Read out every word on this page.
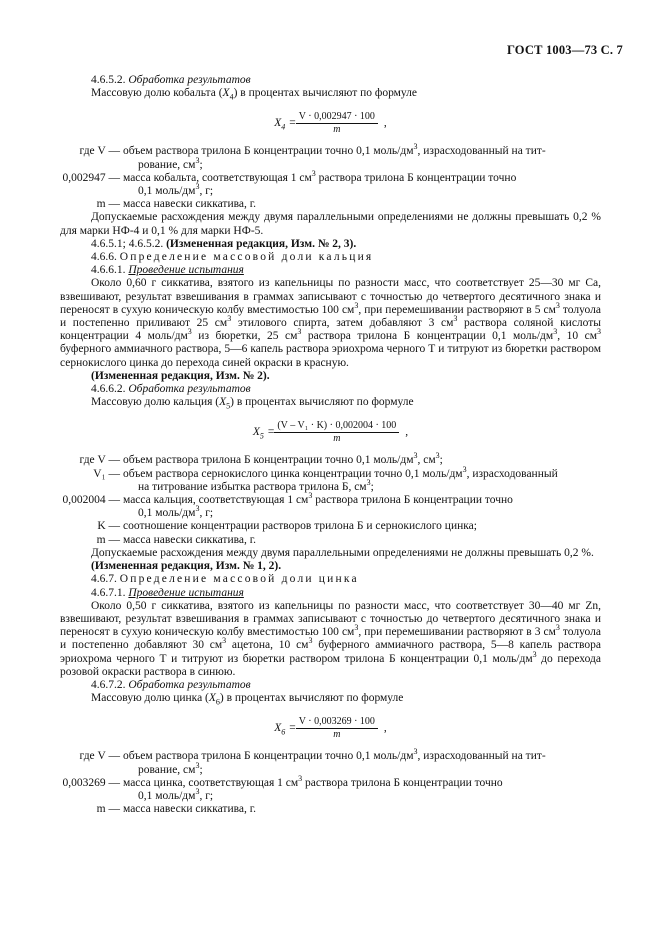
ГОСТ 1003—73 С. 7

4.6.5.2. Обработка результатов

Массовую долю кобальта $(X_4)$ в процентах вычисляют по формуле

$X_4 = \frac{V \cdot 0,002947 \cdot 100}{m}$ ,
где V — объем раствора трилона Б концентрации точно 0,1 моль/$дм^3$, израсходованный на тит-
рование, $см^3$;
0,002947 — масса кобальта, соответствующая 1 $см^3$ раствора трилона Б концентрации точно
0,1 моль/$дм^3$, г;
m — масса навески сиккатива, г.

Допускаемые расхождения между двумя параллельными определениями не должны превышать 0,2 % для марки НФ-4 и 0,1 % для марки НФ-5.

4.6.5.1; 4.6.5.2. (Измененная редакция, Изм. № 2, 3).

4.6.6. Определение массовой доли кальция

4.6.6.1. Проведение испытания

Около 0,60 г сиккатива, взятого из капельницы по разности масс, что соответствует 25—30 мг Са, взвешивают, результат взвешивания в граммах записывают с точностью до четвертого десятичного знака и переносят в сухую коническую колбу вместимостью 100 $см^3$, при перемешивании растворяют в 5 $см^3$ толуола и постепенно приливают 25 $см^3$ этилового спирта, затем добавляют 3 $см^3$ раствора соляной кислоты концентрации 4 моль/$дм^3$ из бюретки, 25 $см^3$ раствора трилона Б концентрации 0,1 моль/$дм^3$, 10 $см^3$ буферного аммиачного раствора, 5—6 капель раствора эриохрома черного Т и титруют из бюретки раствором сернокислого цинка до перехода синей окраски в красную.

(Измененная редакция, Изм. № 2).

4.6.6.2. Обработка результатов

Массовую долю кальция $(X_5)$ в процентах вычисляют по формуле

$X_5 = \frac{\text{(V – V₁ · K) · 0,002004 · 100}}{m}$ ,
где V — объем раствора трилона Б концентрации точно 0,1 моль/$дм^3$, $см^3$;
V₁ — объем раствора сернокислого цинка концентрации точно 0,1 моль/$дм^3$, израсходованный
на титрование избытка раствора трилона Б, $см^3$;
0,002004 — масса кальция, соответствующая 1 $см^3$ раствора трилона Б концентрации точно
0,1 моль/$дм^3$, г;
K — соотношение концентрации растворов трилона Б и сернокислого цинка;
m — масса навески сиккатива, г.

Допускаемые расхождения между двумя параллельными определениями не должны превышать 0,2 %.

(Измененная редакция, Изм. № 1, 2).

4.6.7. Определение массовой доли цинка

4.6.7.1. Проведение испытания

Около 0,50 г сиккатива, взятого из капельницы по разности масс, что соответствует 30—40 мг Zn, взвешивают, результат взвешивания в граммах записывают с точностью до четвертого десятичного знака и переносят в сухую коническую колбу вместимостью 100 $см^3$, при перемешивании растворяют в 3 $см^3$ толуола и постепенно добавляют 30 $см^3$ ацетона, 10 $см^3$ буферного аммиачного раствора, 5—8 капель раствора эриохрома черного Т и титруют из бюретки раствором трилона Б концентрации 0,1 моль/$дм^3$ до перехода розовой окраски раствора в синюю.

4.6.7.2. Обработка результатов

Массовую долю цинка $(X_6)$ в процентах вычисляют по формуле

$X_6 = \frac{V \cdot 0,003269 \cdot 100}{m}$ ,
где V — объем раствора трилона Б концентрации точно 0,1 моль/$дм^3$, израсходованный на тит-
рование, $см^3$;
0,003269 — масса цинка, соответствующая 1 $см^3$ раствора трилона Б концентрации точно
0,1 моль/$дм^3$, г;
m — масса навески сиккатива, г.
